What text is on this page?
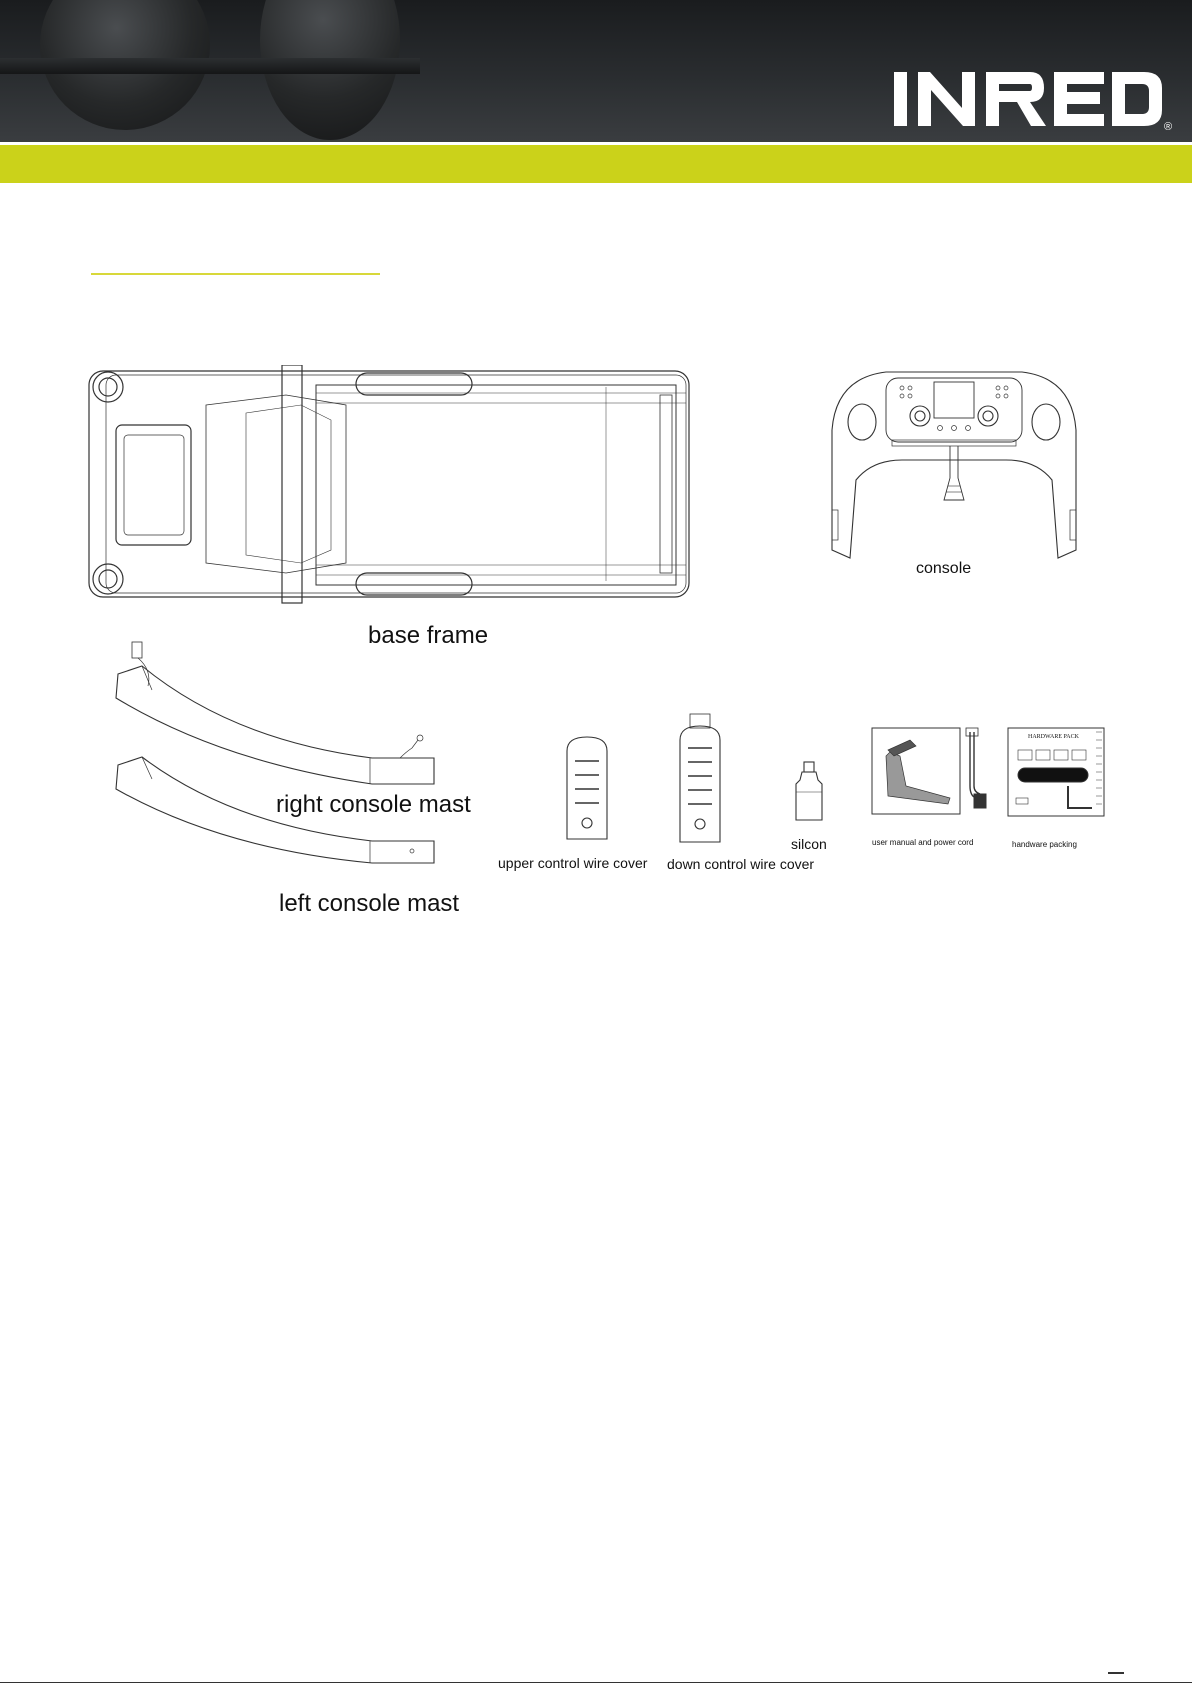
®
base frame
console
right console mast
left console mast
upper control wire cover down control wire cover
silcon	user manual and power cord
HARDWARE PACK
handware packing
